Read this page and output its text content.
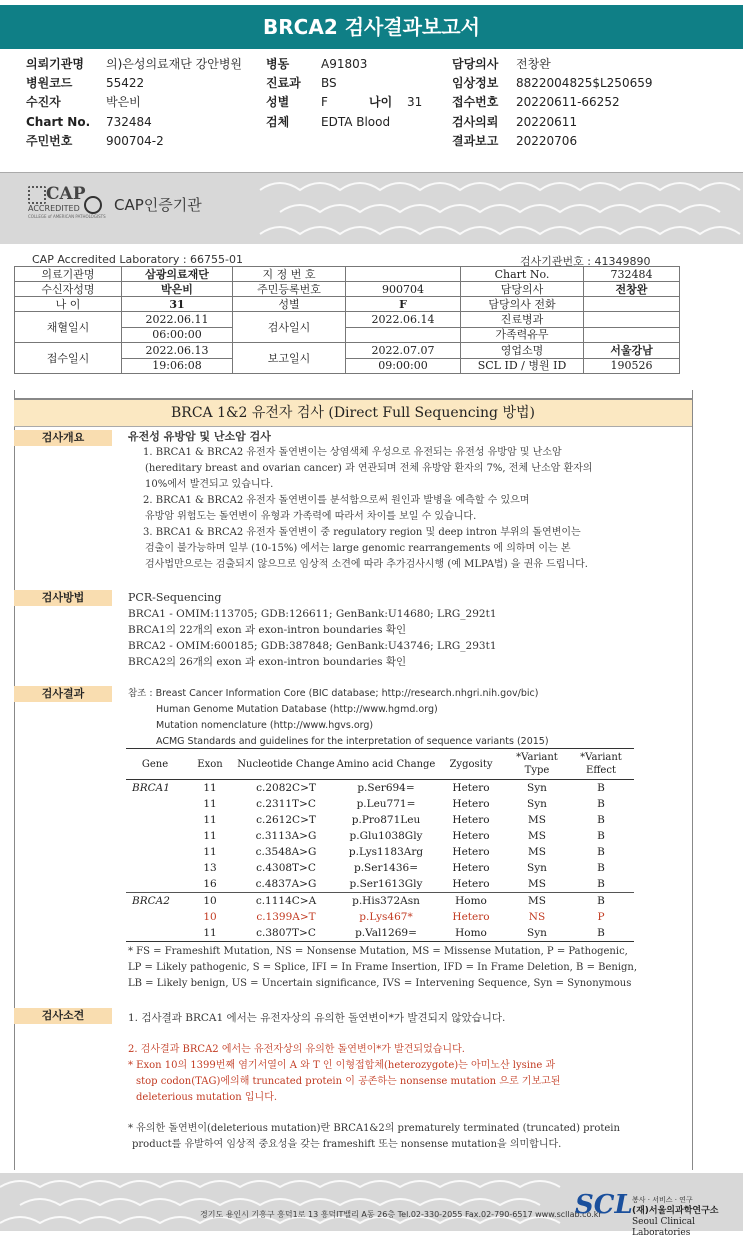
BRCA2 검사결과보고서
의뢰기관명	의)은성의료재단 강안병원
병원코드	55422
수진자	박은비
Chart No.	732484
주민번호	900704-2
병동	A91803
진료과	BS
성별	F	나이	31
검체	EDTA Blood
담당의사	전창완
임상정보	8822004825$L250659
접수번호	20220611-66252
검사의뢰	20220611
결과보고	20220706
CAP
ACCREDITED
COLLEGE of AMERICAN PATHOLOGISTS
CAP인증기관
CAP Accredited Laboratory : 66755-01	검사기관번호 : 41349890
의료기관명	삼광의료재단	지 정 번 호		Chart No.	732484
수신자성명	박은비	주민등록번호	900704	담당의사	전창완
나 이	31	성별	F	담당의사 전화	
채혈일시	2022.06.11	검사일시	2022.06.14	진료병과	
	06:00:00			가족력유무	
접수일시	2022.06.13	보고일시	2022.07.07	영업소명	서울강남
	19:06:08		09:00:00	SCL ID / 병원 ID	190526
BRCA 1&2 유전자 검사 (Direct Full Sequencing 방법)
검사개요	유전성 유방암 및 난소암 검사

1. BRCA1 & BRCA2 유전자 돌연변이는 상염색체 우성으로 유전되는 유전성 유방암 및 난소암

(hereditary breast and ovarian cancer) 과 연관되며 전체 유방암 환자의 7%, 전체 난소암 환자의

10%에서 발견되고 있습니다.

2. BRCA1 & BRCA2 유전자 돌연변이를 분석함으로써 원인과 발병을 예측할 수 있으며

유방암 위험도는 돌연변이 유형과 가족력에 따라서 차이를 보일 수 있습니다.

3. BRCA1 & BRCA2 유전자 돌연변이 중 regulatory region 및 deep intron 부위의 돌연변이는

검출이 불가능하며 일부 (10-15%) 에서는 large genomic rearrangements 에 의하며 이는 본

검사법만으로는 검출되지 않으므로 임상적 소견에 따라 추가검사시행 (예 MLPA법) 을 권유 드립니다.

검사방법	PCR-Sequencing

BRCA1 - OMIM:113705; GDB:126611; GenBank:U14680; LRG_292t1

BRCA1의 22개의 exon 과 exon-intron boundaries 확인

BRCA2 - OMIM:600185; GDB:387848; GenBank:U43746; LRG_293t1

BRCA2의 26개의 exon 과 exon-intron boundaries 확인

검사결과	참조 : Breast Cancer Information Core (BIC database; http://research.nhgri.nih.gov/bic)

Human Genome Mutation Database (http://www.hgmd.org)

Mutation nomenclature (http://www.hgvs.org)

ACMG Standards and guidelines for the interpretation of sequence variants (2015)

Gene	Exon	Nucleotide Change	Amino acid Change	Zygosity	*Variant Type	*Variant Effect
BRCA1	11	c.2082C>T	p.Ser694=	Hetero	Syn	B
	11	c.2311T>C	p.Leu771=	Hetero	Syn	B
	11	c.2612C>T	p.Pro871Leu	Hetero	MS	B
	11	c.3113A>G	p.Glu1038Gly	Hetero	MS	B
	11	c.3548A>G	p.Lys1183Arg	Hetero	MS	B
	13	c.4308T>C	p.Ser1436=	Hetero	Syn	B
	16	c.4837A>G	p.Ser1613Gly	Hetero	MS	B
BRCA2	10	c.1114C>A	p.His372Asn	Homo	MS	B
	10	c.1399A>T	p.Lys467*	Hetero	NS	P
	11	c.3807T>C	p.Val1269=	Homo	Syn	B

* FS = Frameshift Mutation, NS = Nonsense Mutation, MS = Missense Mutation, P = Pathogenic,

LP = Likely pathogenic, S = Splice, IFI = In Frame Insertion, IFD = In Frame Deletion, B = Benign,

LB = Likely benign, US = Uncertain significance, IVS = Intervening Sequence, Syn = Synonymous

검사소견	1. 검사결과 BRCA1 에서는 유전자상의 유의한 돌연변이*가 발견되지 않았습니다.

2. 검사결과 BRCA2 에서는 유전자상의 유의한 돌연변이*가 발견되었습니다.

* Exon 10의 1399번째 염기서열이 A 와 T 인 이형접합체(heterozygote)는 아미노산 lysine 과

stop codon(TAG)에의해 truncated protein 이 공존하는 nonsense mutation 으로 기보고된

deleterious mutation 입니다.

* 유의한 돌연변이(deleterious mutation)란 BRCA1&2의 prematurely terminated (truncated) protein

product를 유발하여 임상적 중요성을 갖는 frameshift 또는 nonsense mutation을 의미합니다.

경기도 용인시 기흥구 흥덕1로 13 흥덕IT밸리 A동 26층 Tel.02-330-2055 Fax.02-790-6517 www.scllab.co.kr
SCL 봉사 · 서비스 · 연구
(재)서울의과학연구소
Seoul Clinical Laboratories
